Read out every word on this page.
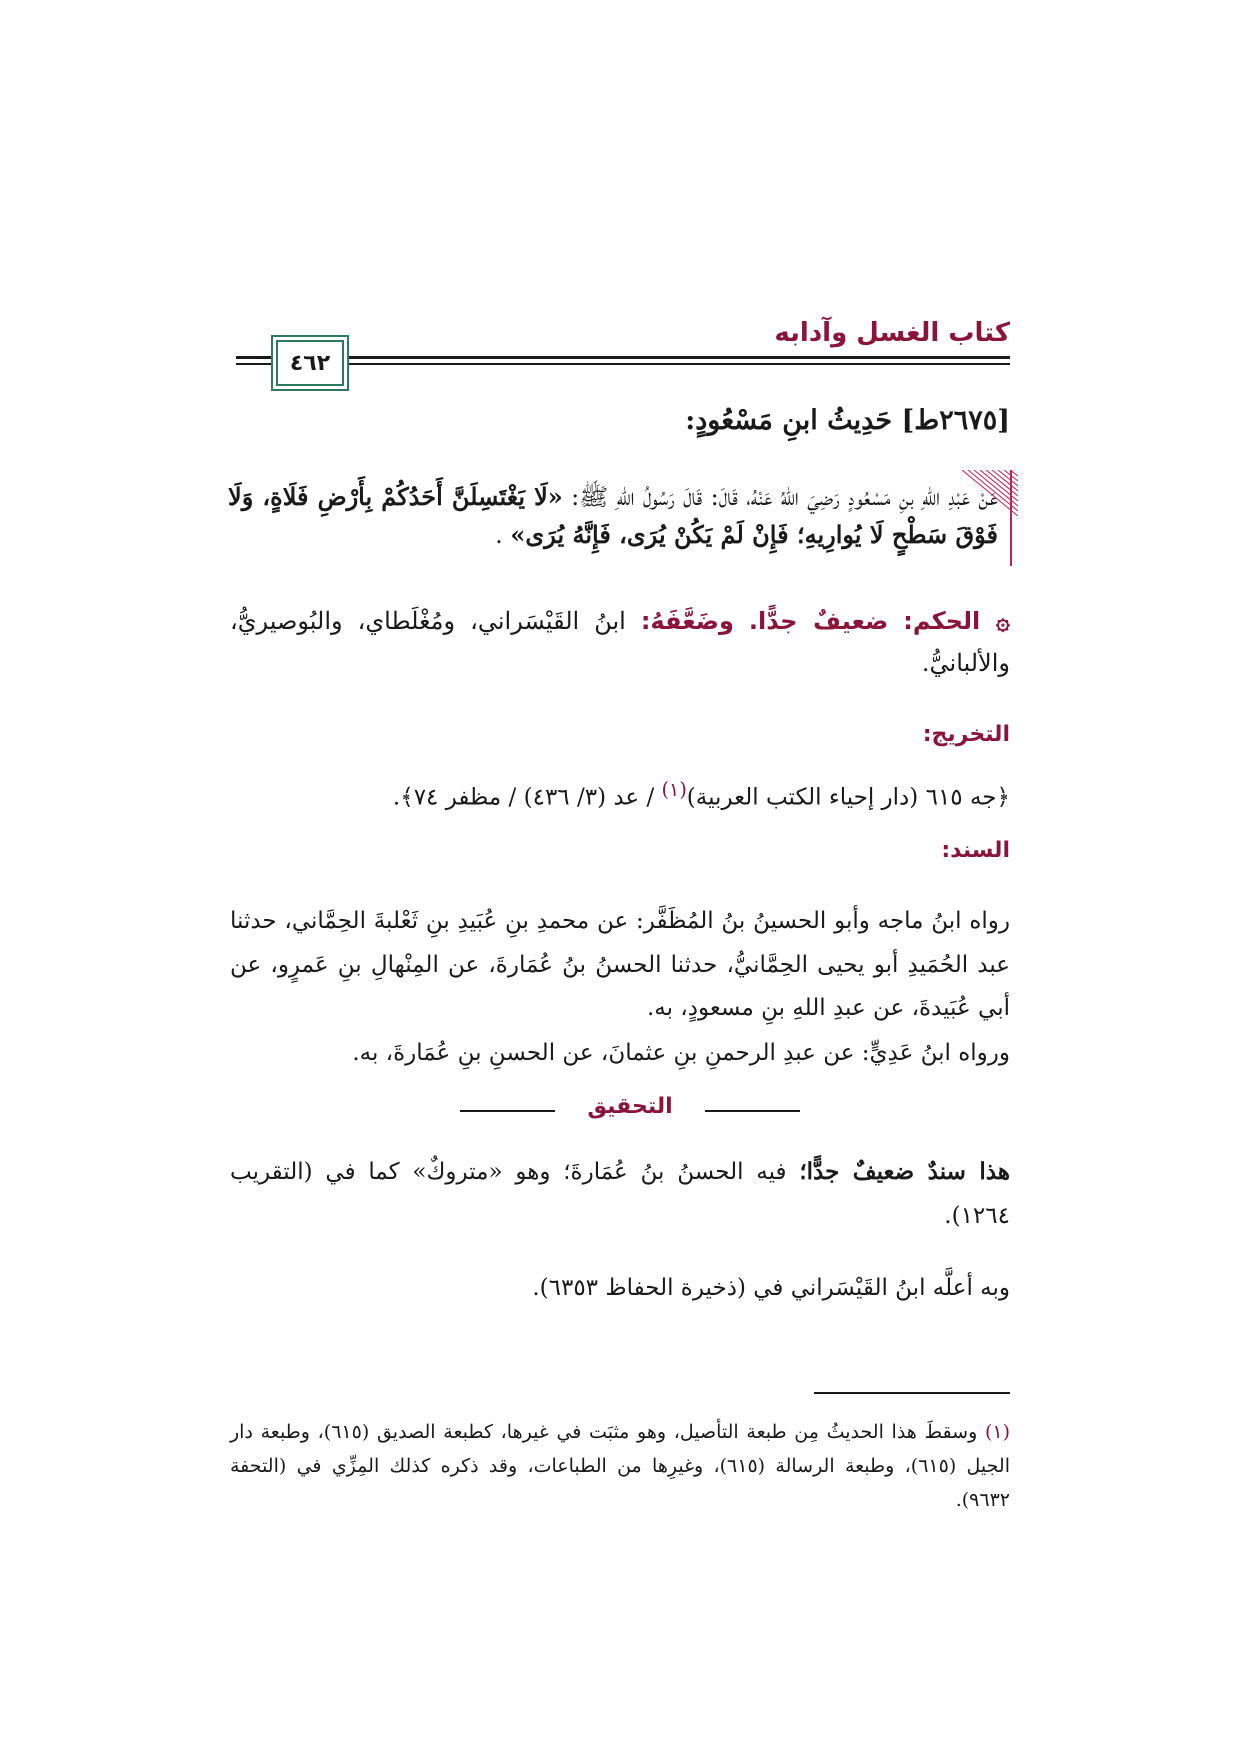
كتاب الغسل وآدابه
٤٦٢
[٢٦٧٥ط] حَدِيثُ ابنِ مَسْعُودٍ:
عَنْ عَبْدِ اللهِ بنِ مَسْعُودٍ رَضِيَ اللهُ عَنْهُ، قَالَ: قَالَ رَسُولُ اللهِ ﷺ: «لَا يَغْتَسِلَنَّ أَحَدُكُمْ بِأَرْضِ فَلَاةٍ، وَلَا فَوْقَ سَطْحٍ لَا يُوارِيهِ؛ فَإِنْ لَمْ يَكُنْ يُرَى، فَإِنَّهُ يُرَى» .
۞ الحكم: ضعيفٌ جدًّا. وضَعَّفَهُ: ابنُ القَيْسَراني، ومُغْلَطاي، والبُوصيريُّ، والألبانيُّ.
التخريج:
﴿جه ٦١٥ (دار إحياء الكتب العربية)$^{(١)}$ / عد (٣/ ٤٣٦) / مظفر ٧٤﴾.
السند:
رواه ابنُ ماجه وأبو الحسينُ بنُ المُظَفَّر: عن محمدِ بنِ عُبَيدِ بنِ ثَعْلبةَ الحِمَّاني، حدثنا عبد الحُمَيدِ أبو يحيى الحِمَّانيُّ، حدثنا الحسنُ بنُ عُمَارةَ، عن المِنْهالِ بنِ عَمرٍو، عن أبي عُبَيدةَ، عن عبدِ اللهِ بنِ مسعودٍ، به.
ورواه ابنُ عَدِيٍّ: عن عبدِ الرحمنِ بنِ عثمانَ، عن الحسنِ بنِ عُمَارةَ، به.
التحقيق
هذا سندٌ ضعيفٌ جدًّا؛ فيه الحسنُ بنُ عُمَارةَ؛ وهو «متروكٌ» كما في (التقريب ١٢٦٤).
وبه أعلَّه ابنُ القَيْسَراني في (ذخيرة الحفاظ ٦٣٥٣).
(١) وسقطَ هذا الحديثُ مِن طبعة التأصيل، وهو مثبَت في غيرها، كطبعة الصديق (٦١٥)، وطبعة دار الجيل (٦١٥)، وطبعة الرسالة (٦١٥)، وغيرِها من الطباعات، وقد ذكره كذلك المِزِّي في (التحفة ٩٦٣٢).
